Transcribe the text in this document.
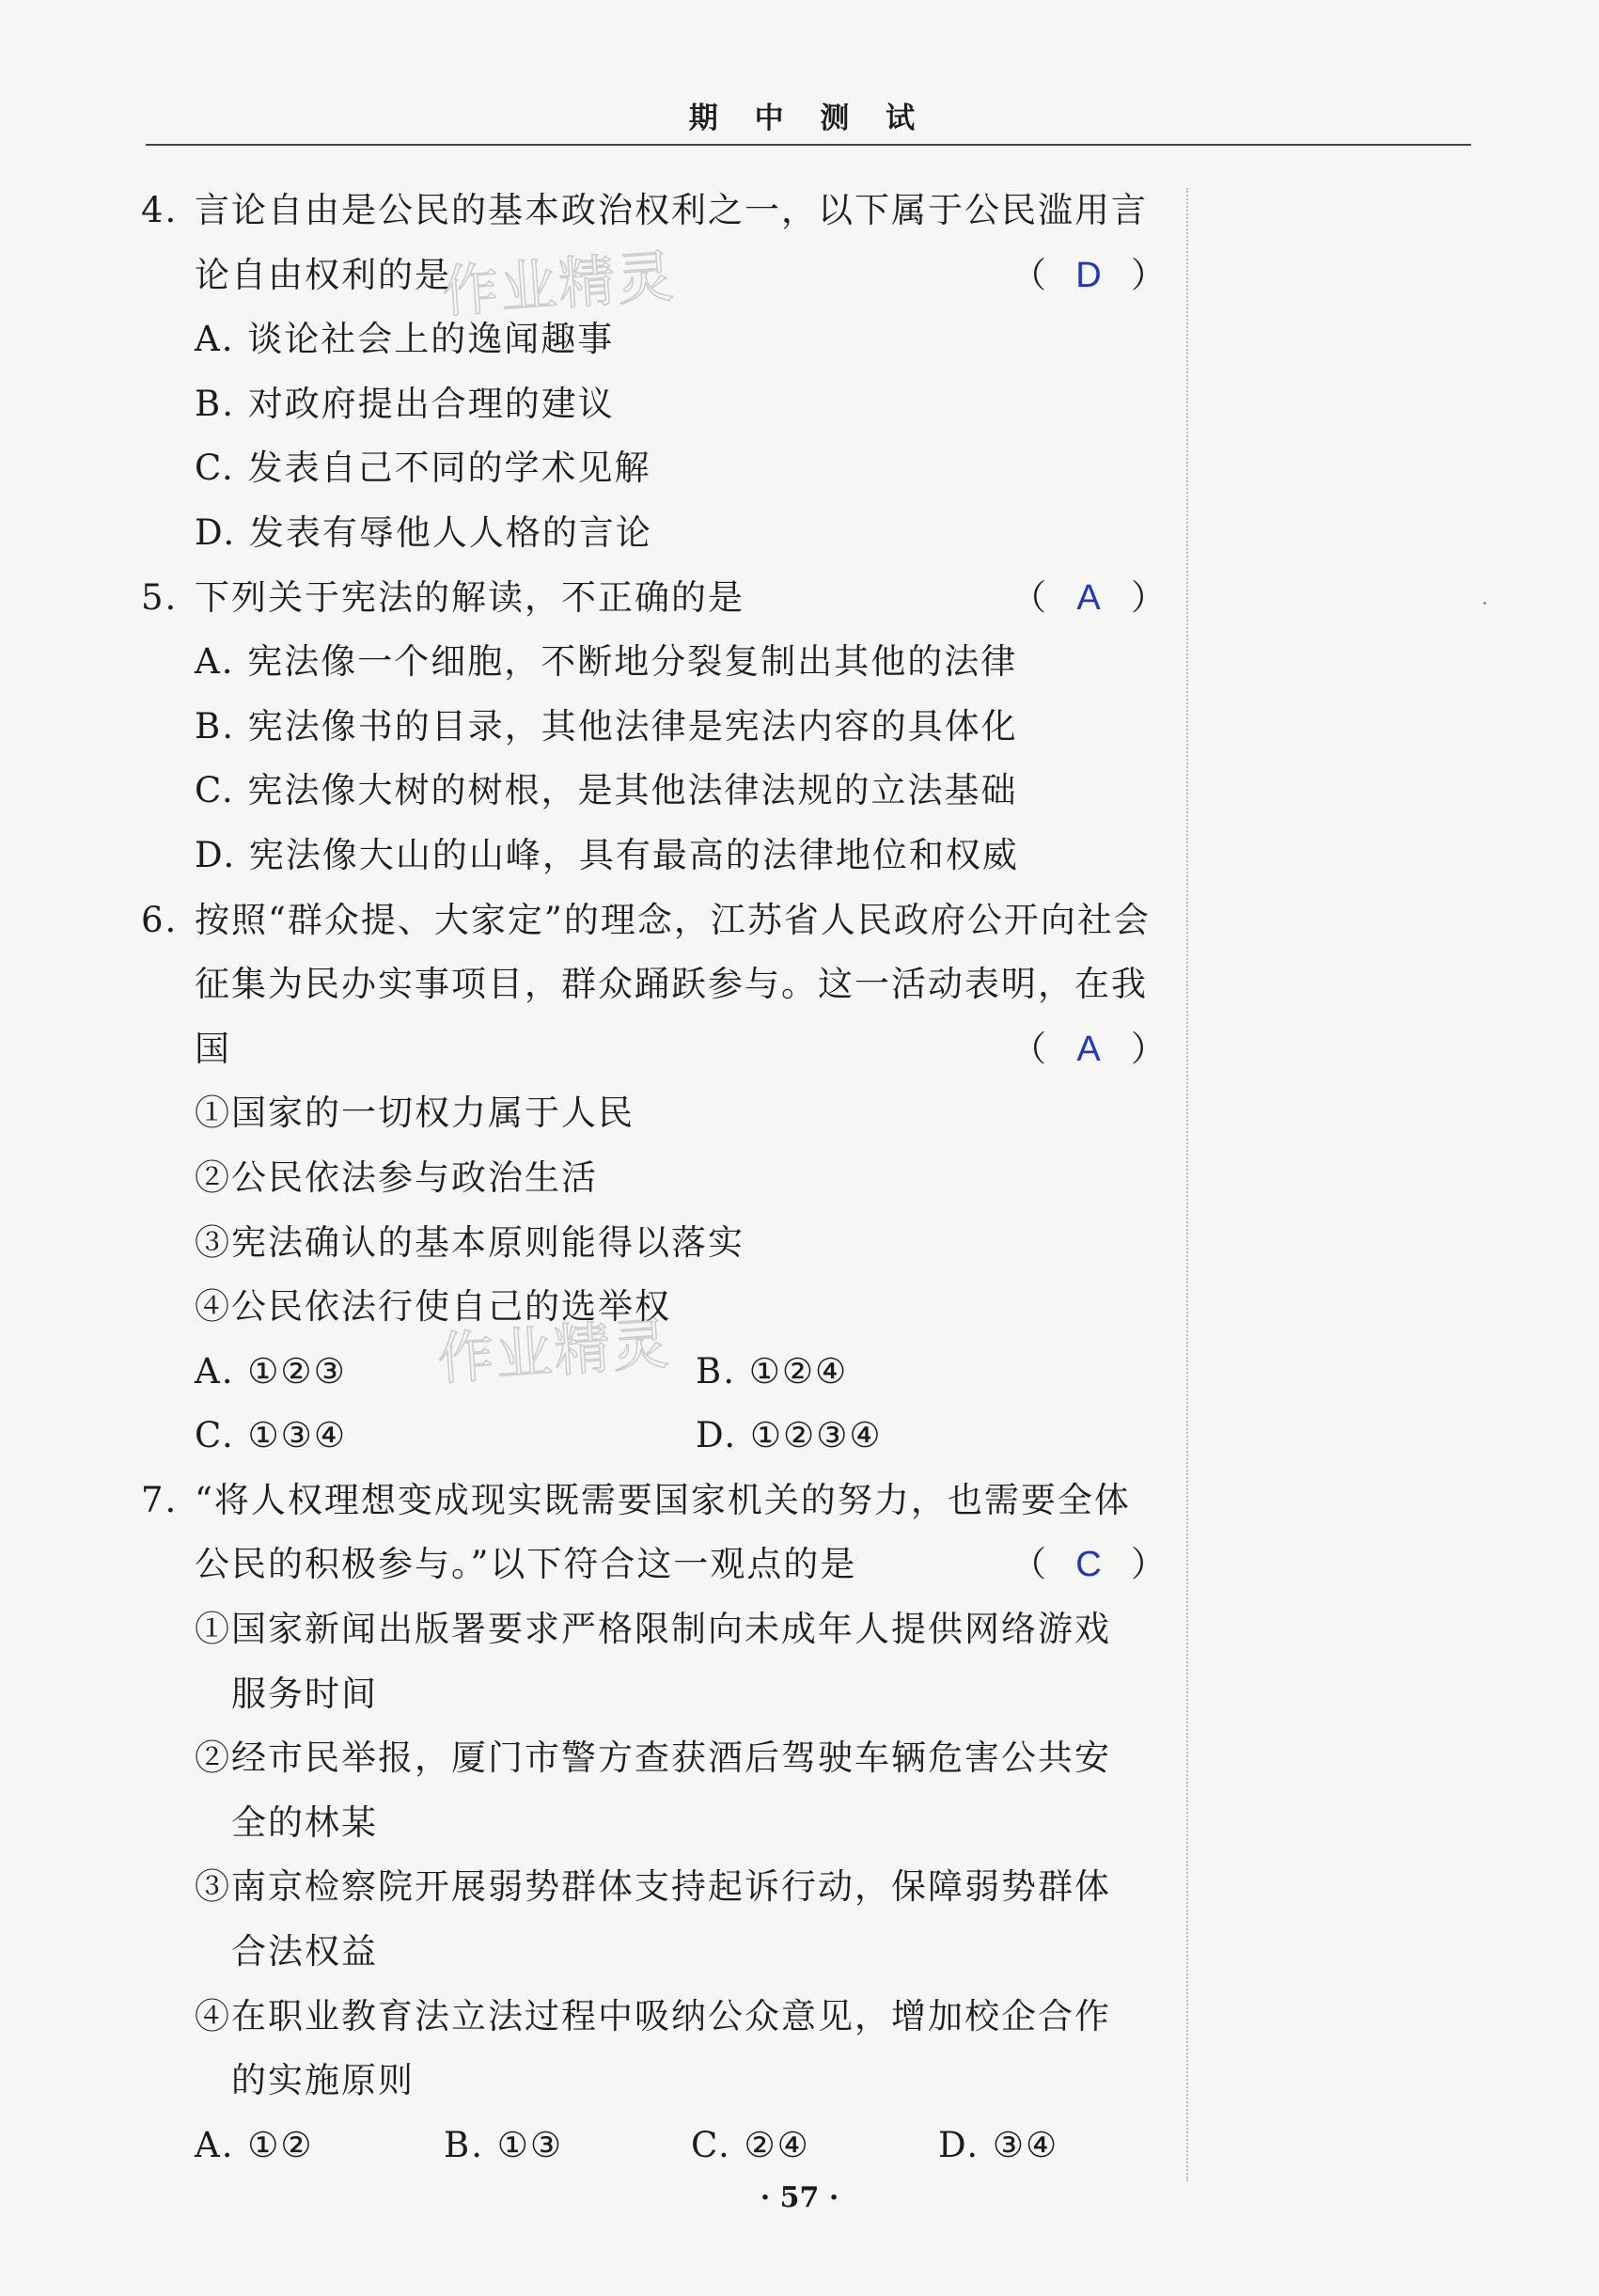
期 中 测 试
作业精灵
作业精灵
4. 言论自由是公民的基本政治权利之一，以下属于公民滥用言
论自由权利的是	（ D ）
A. 谈论社会上的逸闻趣事
B. 对政府提出合理的建议
C. 发表自己不同的学术见解
D. 发表有辱他人人格的言论
5. 下列关于宪法的解读，不正确的是	（ A ）
A. 宪法像一个细胞，不断地分裂复制出其他的法律
B. 宪法像书的目录，其他法律是宪法内容的具体化
C. 宪法像大树的树根，是其他法律法规的立法基础
D. 宪法像大山的山峰，具有最高的法律地位和权威
6. 按照“群众提、大家定”的理念，江苏省人民政府公开向社会
征集为民办实事项目，群众踊跃参与。这一活动表明，在我
国	（ A ）
①国家的一切权力属于人民
②公民依法参与政治生活
③宪法确认的基本原则能得以落实
④公民依法行使自己的选举权
A. ①②③	B. ①②④
C. ①③④	D. ①②③④
7. “将人权理想变成现实既需要国家机关的努力，也需要全体
公民的积极参与。”以下符合这一观点的是	（ C ）
①国家新闻出版署要求严格限制向未成年人提供网络游戏
服务时间
②经市民举报，厦门市警方查获酒后驾驶车辆危害公共安
全的林某
③南京检察院开展弱势群体支持起诉行动，保障弱势群体
合法权益
④在职业教育法立法过程中吸纳公众意见，增加校企合作
的实施原则
A. ①②	B. ①③	C. ②④	D. ③④
· 57 ·
